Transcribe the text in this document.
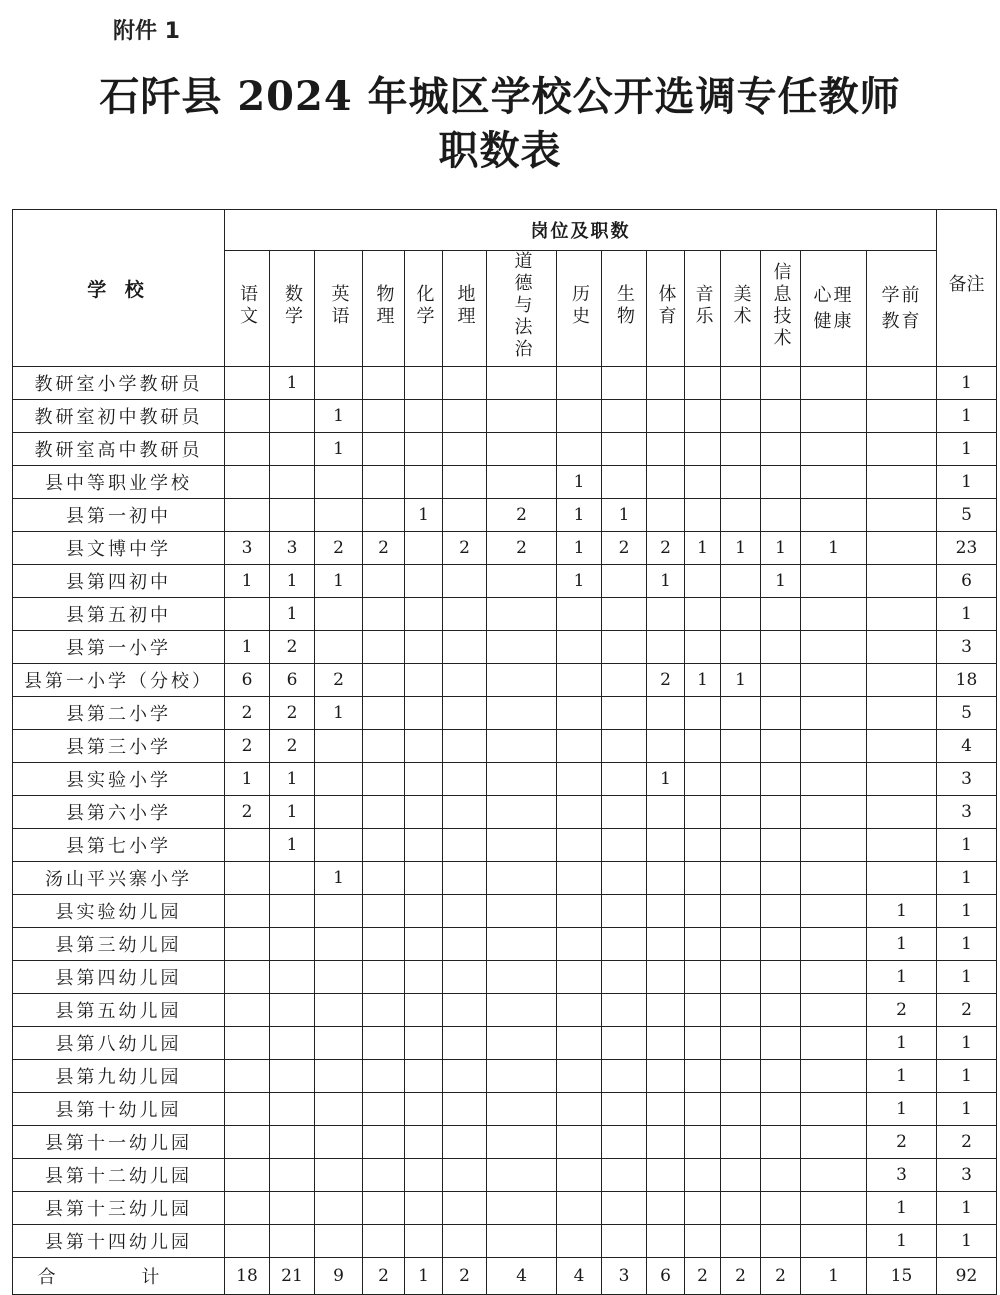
附件 1
石阡县 2024 年城区学校公开选调专任教师
职数表
学 校	岗位及职数															备注
	语文	数学	英语	物理	化学	地理	道德与法治	历史	生物	体育	音乐	美术	信息技术	心理健康	学前教育	
教研室小学教研员		1														1
教研室初中教研员			1													1
教研室高中教研员			1													1
县中等职业学校								1								1
县第一初中					1		2	1	1							5
县文博中学	3	3	2	2		2	2	1	2	2	1	1	1	1		23
县第四初中	1	1	1					1		1			1			6
县第五初中		1														1
县第一小学	1	2														3
县第一小学（分校）	6	6	2							2	1	1				18
县第二小学	2	2	1													5
县第三小学	2	2														4
县实验小学	1	1								1						3
县第六小学	2	1														3
县第七小学		1														1
汤山平兴寨小学			1													1
县实验幼儿园															1	1
县第三幼儿园															1	1
县第四幼儿园															1	1
县第五幼儿园															2	2
县第八幼儿园															1	1
县第九幼儿园															1	1
县第十幼儿园															1	1
县第十一幼儿园															2	2
县第十二幼儿园															3	3
县第十三幼儿园															1	1
县第十四幼儿园															1	1
合 计	18	21	9	2	1	2	4	4	3	6	2	2	2	1	15	92
